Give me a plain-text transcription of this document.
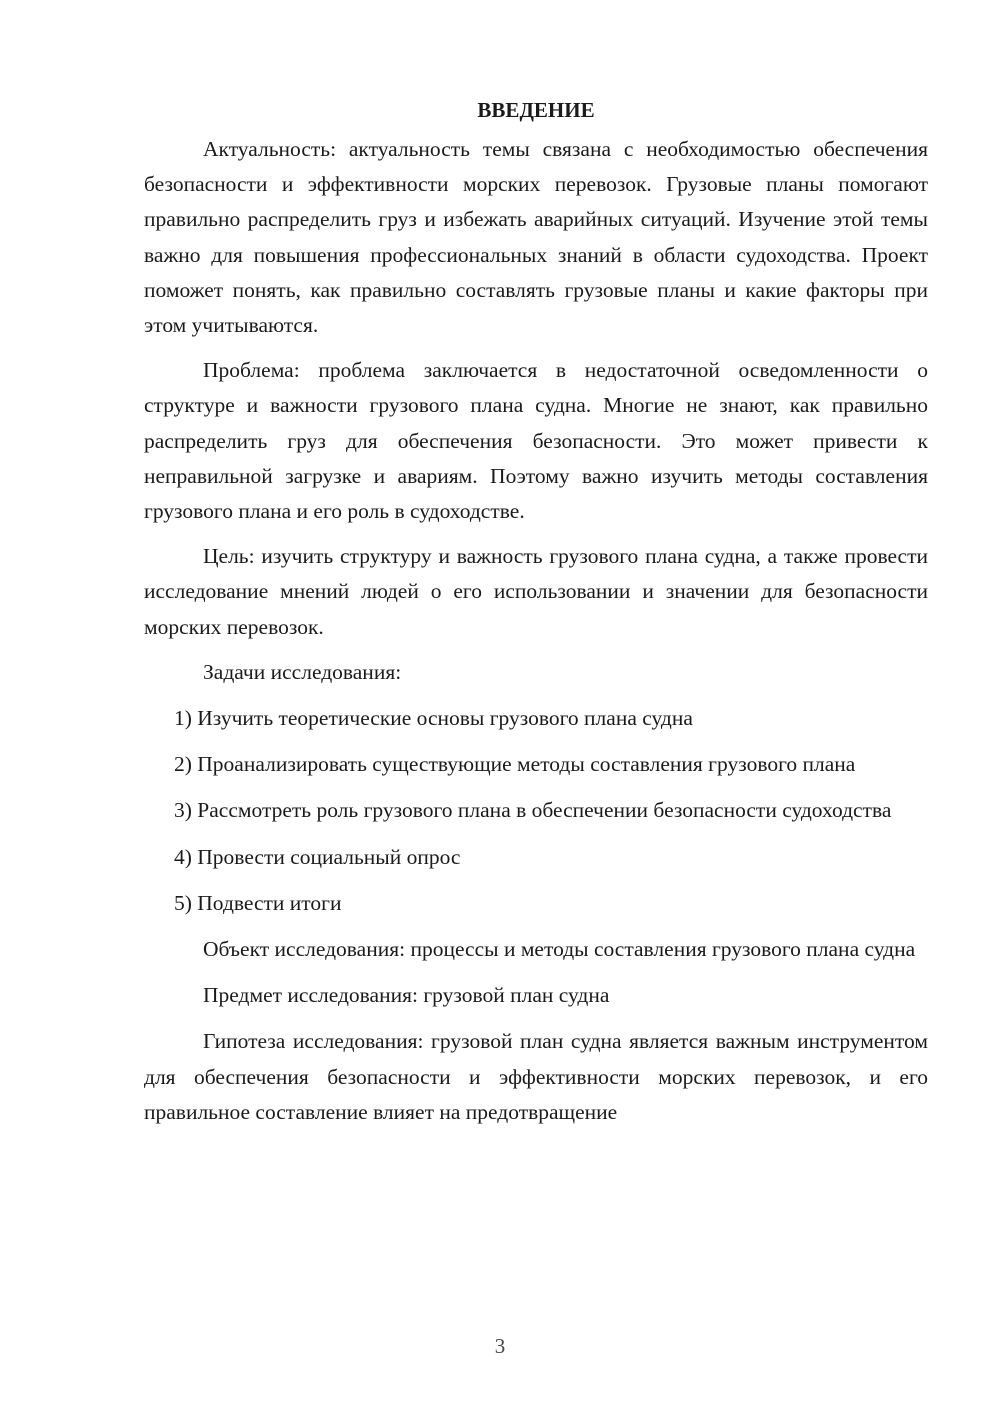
ВВЕДЕНИЕ

Актуальность: актуальность темы связана с необходимостью обеспечения безопасности и эффективности морских перевозок. Грузовые планы помогают правильно распределить груз и избежать аварийных ситуаций. Изучение этой темы важно для повышения профессиональных знаний в области судоходства. Проект поможет понять, как правильно составлять грузовые планы и какие факторы при этом учитываются.

Проблема: проблема заключается в недостаточной осведомленности о структуре и важности грузового плана судна. Многие не знают, как правильно распределить груз для обеспечения безопасности. Это может привести к неправильной загрузке и авариям. Поэтому важно изучить методы составления грузового плана и его роль в судоходстве.

Цель: изучить структуру и важность грузового плана судна, а также провести исследование мнений людей о его использовании и значении для безопасности морских перевозок.

Задачи исследования:

1) Изучить теоретические основы грузового плана судна

2) Проанализировать существующие методы составления грузового плана

3) Рассмотреть роль грузового плана в обеспечении безопасности судоходства

4) Провести социальный опрос

5) Подвести итоги

Объект исследования: процессы и методы составления грузового плана судна

Предмет исследования: грузовой план судна

Гипотеза исследования: грузовой план судна является важным инструментом для обеспечения безопасности и эффективности морских перевозок, и его правильное составление влияет на предотвращение

3
